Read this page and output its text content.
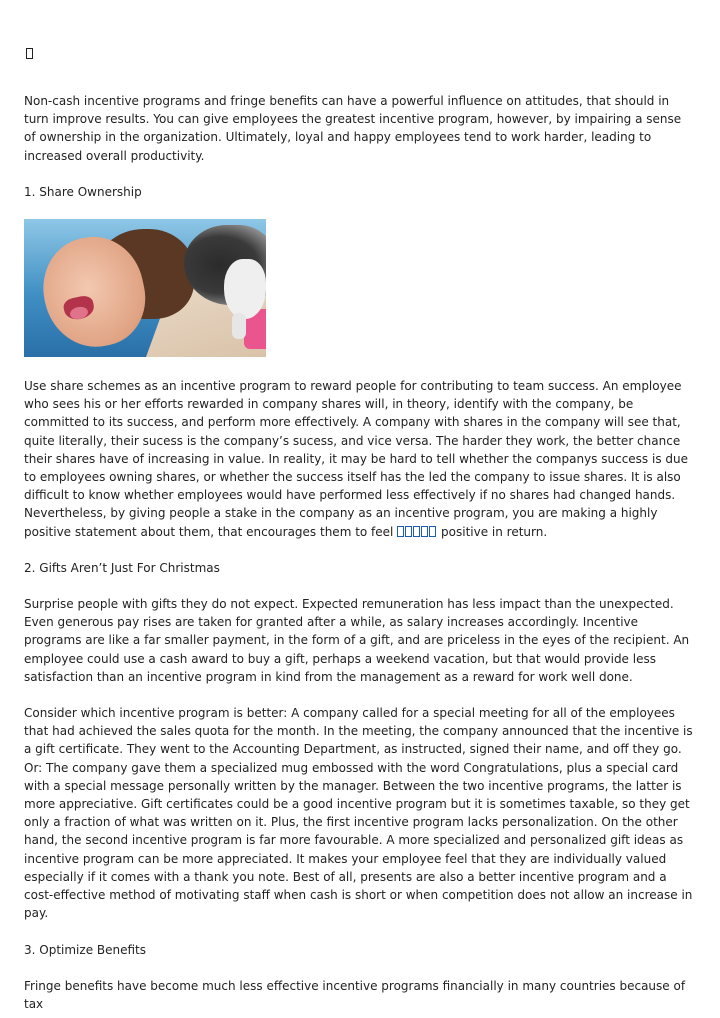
Non-cash incentive programs and fringe benefits can have a powerful influence on attitudes, that should in turn improve results. You can give employees the greatest incentive program, however, by impairing a sense of ownership in the organization. Ultimately, loyal and happy employees tend to work harder, leading to increased overall productivity.

1. Share Ownership

Use share schemes as an incentive program to reward people for contributing to team success. An employee who sees his or her efforts rewarded in company shares will, in theory, identify with the company, be committed to its success, and perform more effectively. A company with shares in the company will see that, quite literally, their sucess is the company’s sucess, and vice versa. The harder they work, the better chance their shares have of increasing in value. In reality, it may be hard to tell whether the companys success is due to employees owning shares, or whether the success itself has the led the company to issue shares. It is also difficult to know whether employees would have performed less effectively if no shares had changed hands. Nevertheless, by giving people a stake in the company as an incentive program, you are making a highly positive statement about them, that encourages them to feel	positive in return.

2. Gifts Aren’t Just For Christmas

Surprise people with gifts they do not expect. Expected remuneration has less impact than the unexpected. Even generous pay rises are taken for granted after a while, as salary increases accordingly. Incentive programs are like a far smaller payment, in the form of a gift, and are priceless in the eyes of the recipient. An employee could use a cash award to buy a gift, perhaps a weekend vacation, but that would provide less satisfaction than an incentive program in kind from the management as a reward for work well done.

Consider which incentive program is better: A company called for a special meeting for all of the employees that had achieved the sales quota for the month. In the meeting, the company announced that the incentive is a gift certificate. They went to the Accounting Department, as instructed, signed their name, and off they go. Or: The company gave them a specialized mug embossed with the word Congratulations, plus a special card with a special message personally written by the manager. Between the two incentive programs, the latter is more appreciative. Gift certificates could be a good incentive program but it is sometimes taxable, so they get only a fraction of what was written on it. Plus, the first incentive program lacks personalization. On the other hand, the second incentive program is far more favourable. A more specialized and personalized gift ideas as incentive program can be more appreciated. It makes your employee feel that they are individually valued especially if it comes with a thank you note. Best of all, presents are also a better incentive program and a cost-effective method of motivating staff when cash is short or when competition does not allow an increase in pay.

3. Optimize Benefits

Fringe benefits have become much less effective incentive programs financially in many countries because of tax
